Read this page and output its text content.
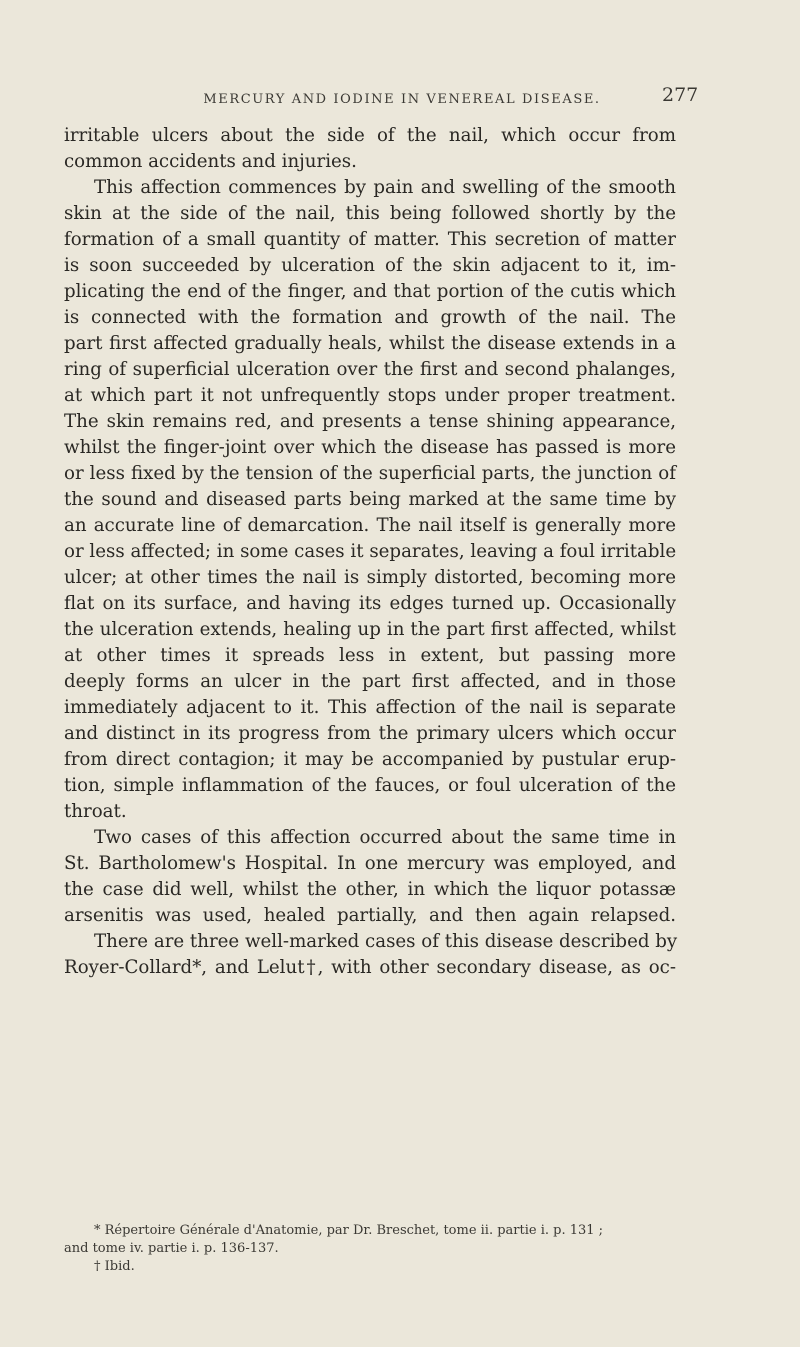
MERCURY AND IODINE IN VENEREAL DISEASE.	277
irritable ulcers about the side of the nail, which occur from
common accidents and injuries.
This affection commences by pain and swelling of the smooth
skin at the side of the nail, this being followed shortly by the
formation of a small quantity of matter. This secretion of matter
is soon succeeded by ulceration of the skin adjacent to it, im-
plicating the end of the finger, and that portion of the cutis which
is connected with the formation and growth of the nail. The
part first affected gradually heals, whilst the disease extends in a
ring of superficial ulceration over the first and second phalanges,
at which part it not unfrequently stops under proper treatment.
The skin remains red, and presents a tense shining appearance,
whilst the finger-joint over which the disease has passed is more
or less fixed by the tension of the superficial parts, the junction of
the sound and diseased parts being marked at the same time by
an accurate line of demarcation. The nail itself is generally more
or less affected; in some cases it separates, leaving a foul irritable
ulcer; at other times the nail is simply distorted, becoming more
flat on its surface, and having its edges turned up. Occasionally
the ulceration extends, healing up in the part first affected, whilst
at other times it spreads less in extent, but passing more
deeply forms an ulcer in the part first affected, and in those
immediately adjacent to it. This affection of the nail is separate
and distinct in its progress from the primary ulcers which occur
from direct contagion; it may be accompanied by pustular erup-
tion, simple inflammation of the fauces, or foul ulceration of the
throat.
Two cases of this affection occurred about the same time in
St. Bartholomew's Hospital. In one mercury was employed, and
the case did well, whilst the other, in which the liquor potassæ
arsenitis was used, healed partially, and then again relapsed.
There are three well-marked cases of this disease described by
Royer-Collard*, and Lelut†, with other secondary disease, as oc-
* Répertoire Générale d'Anatomie, par Dr. Breschet, tome ii. partie i. p. 131 ;
and tome iv. partie i. p. 136-137.
† Ibid.
